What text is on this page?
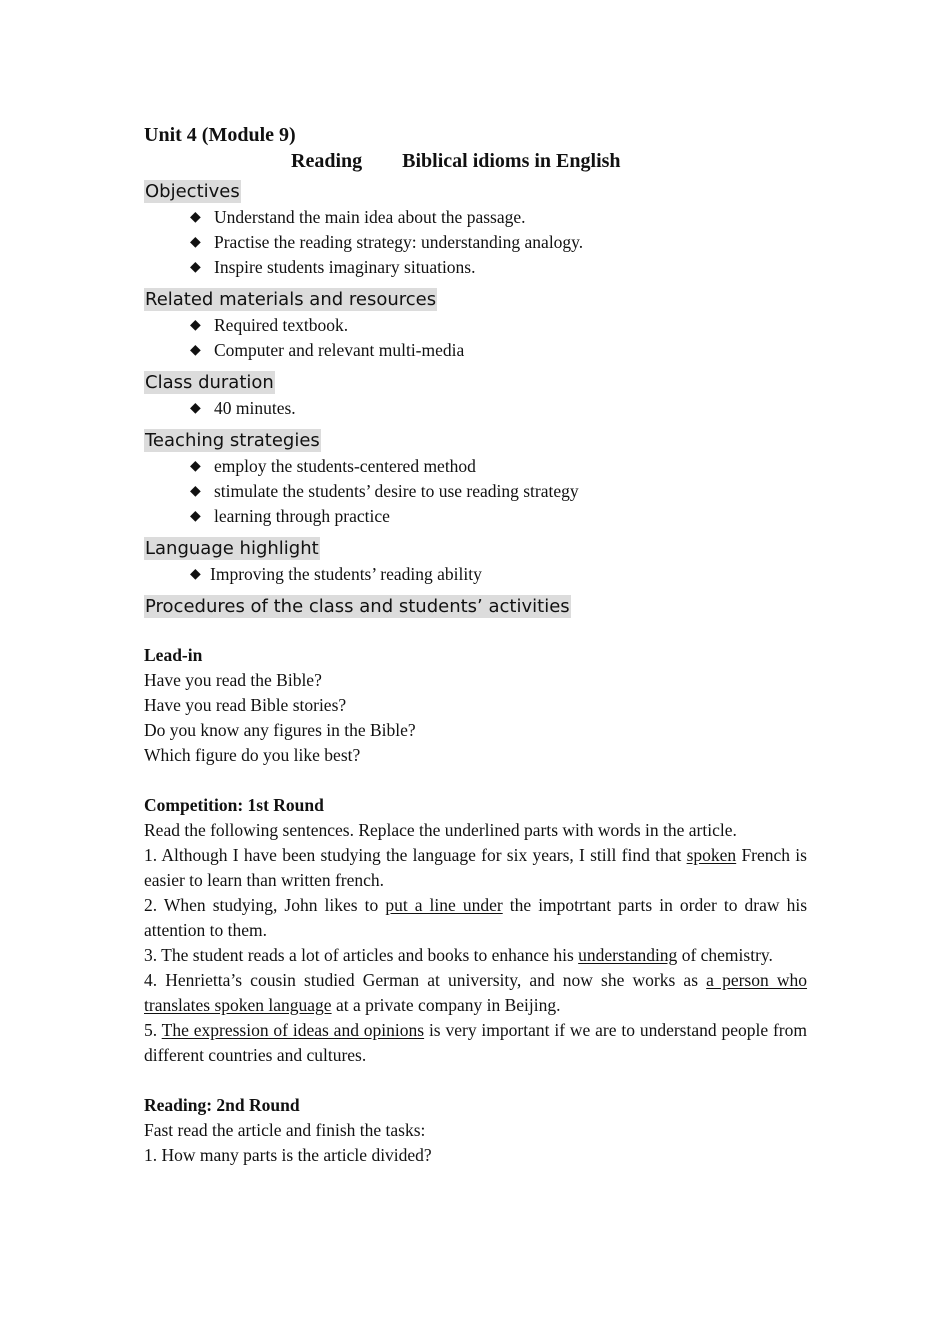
Unit 4 (Module 9)
Reading Biblical idioms in English
Objectives
◆ Understand the main idea about the passage.
◆ Practise the reading strategy: understanding analogy.
◆ Inspire students imaginary situations.
Related materials and resources
◆ Required textbook.
◆ Computer and relevant multi-media
Class duration
◆ 40 minutes.
Teaching strategies
◆ employ the students-centered method
◆ stimulate the students’ desire to use reading strategy
◆ learning through practice
Language highlight
◆ Improving the students’ reading ability
Procedures of the class and students’ activities
Lead-in
Have you read the Bible?
Have you read Bible stories?
Do you know any figures in the Bible?
Which figure do you like best?
Competition: 1st Round
Read the following sentences. Replace the underlined parts with words in the article.
1. Although I have been studying the language for six years, I still find that spoken French is easier to learn than written french.
2. When studying, John likes to put a line under the impotrtant parts in order to draw his attention to them.
3. The student reads a lot of articles and books to enhance his understanding of chemistry.
4. Henrietta’s cousin studied German at university, and now she works as a person who translates spoken language at a private company in Beijing.
5. The expression of ideas and opinions is very important if we are to understand people from different countries and cultures.
Reading: 2nd Round
Fast read the article and finish the tasks:
1. How many parts is the article divided?
